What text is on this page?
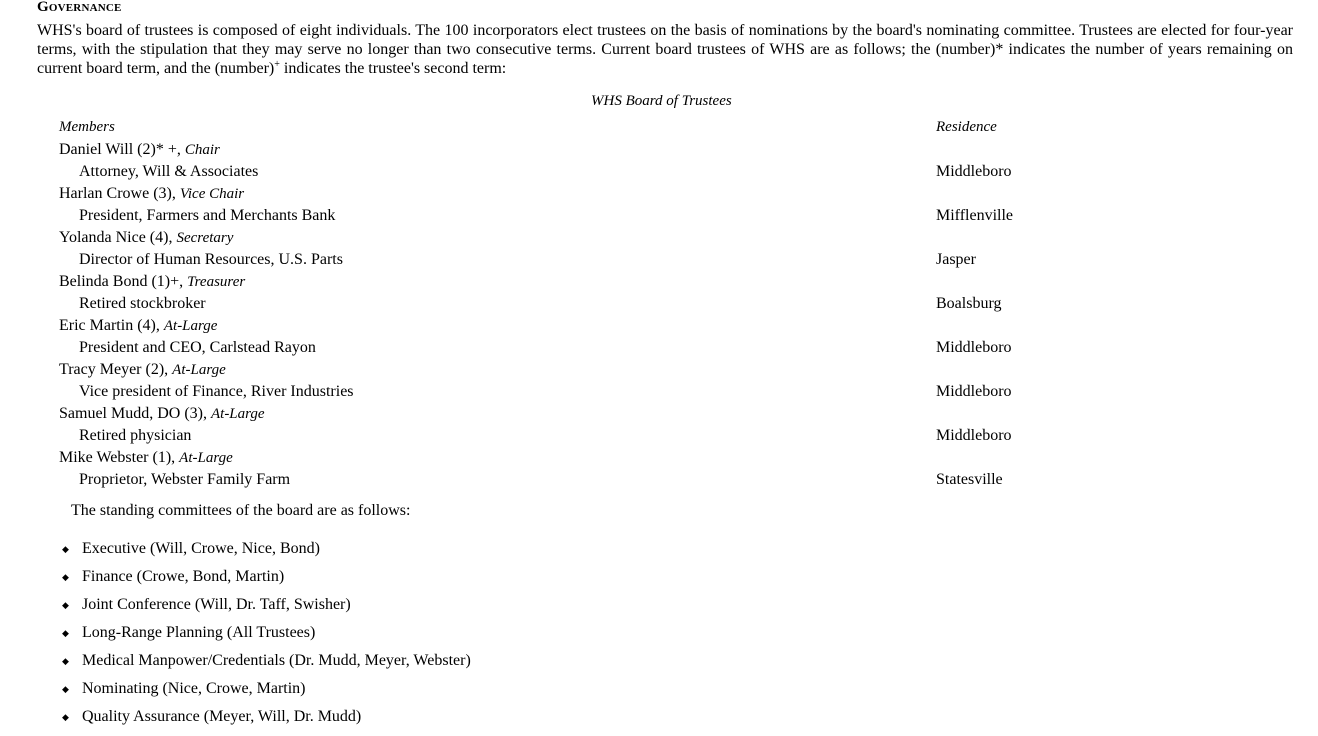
Governance
WHS's board of trustees is composed of eight individuals. The 100 incorporators elect trustees on the basis of nominations by the board's nominating committee. Trustees are elected for four-year terms, with the stipulation that they may serve no longer than two consecutive terms. Current board trustees of WHS are as follows; the (number)* indicates the number of years remaining on current board term, and the (number)+ indicates the trustee's second term:
WHS Board of Trustees
Members	Residence
Daniel Will (2)* +, Chair
Attorney, Will & Associates	Middleboro
Harlan Crowe (3), Vice Chair
President, Farmers and Merchants Bank	Mifflenville
Yolanda Nice (4), Secretary
Director of Human Resources, U.S. Parts	Jasper
Belinda Bond (1)+, Treasurer
Retired stockbroker	Boalsburg
Eric Martin (4), At-Large
President and CEO, Carlstead Rayon	Middleboro
Tracy Meyer (2), At-Large
Vice president of Finance, River Industries	Middleboro
Samuel Mudd, DO (3), At-Large
Retired physician	Middleboro
Mike Webster (1), At-Large
Proprietor, Webster Family Farm	Statesville
The standing committees of the board are as follows:
◆ Executive (Will, Crowe, Nice, Bond)
◆ Finance (Crowe, Bond, Martin)
◆ Joint Conference (Will, Dr. Taff, Swisher)
◆ Long-Range Planning (All Trustees)
◆ Medical Manpower/Credentials (Dr. Mudd, Meyer, Webster)
◆ Nominating (Nice, Crowe, Martin)
◆ Quality Assurance (Meyer, Will, Dr. Mudd)
